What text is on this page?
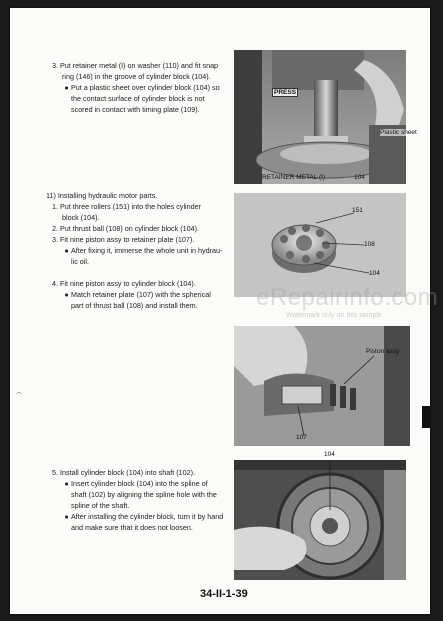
3. Put retainer metal (I) on washer (110) and fit snap

ring (146) in the groove of cylinder block (104).

● Put a plastic sheet over cylinder block (104) so

the contact surface of cylinder block is not

scored in contact with timing plate (109).

PRESS
Plastic sheet
RETAINER METAL (I)	104

11) Installing hydraulic motor parts.

1. Put three rollers (151) into the holes cylinder

block (104).

2. Put thrust ball (108) on cylinder block (104).

3. Fit nine piston assy to retainer plate (107).

● After fixing it, immerse the whole unit in hydrau-

lic oil.

4. Fit nine piston assy to cylinder block (104).

● Match retainer plate (107) with the spherical

part of thrust ball (108) and install them.

151
108
104
eRepairinfo.com
Watermark only on this sample
Piston assy
107

5. Install cylinder block (104) into shaft (102).

● Insert cylinder block (104) into the spline of

shaft (102) by aligning the spline hole with the

spline of the shaft.

● After installing the cylinder block, turn it by hand

and make sure that it does not loosen.

104
34-II-1-39
